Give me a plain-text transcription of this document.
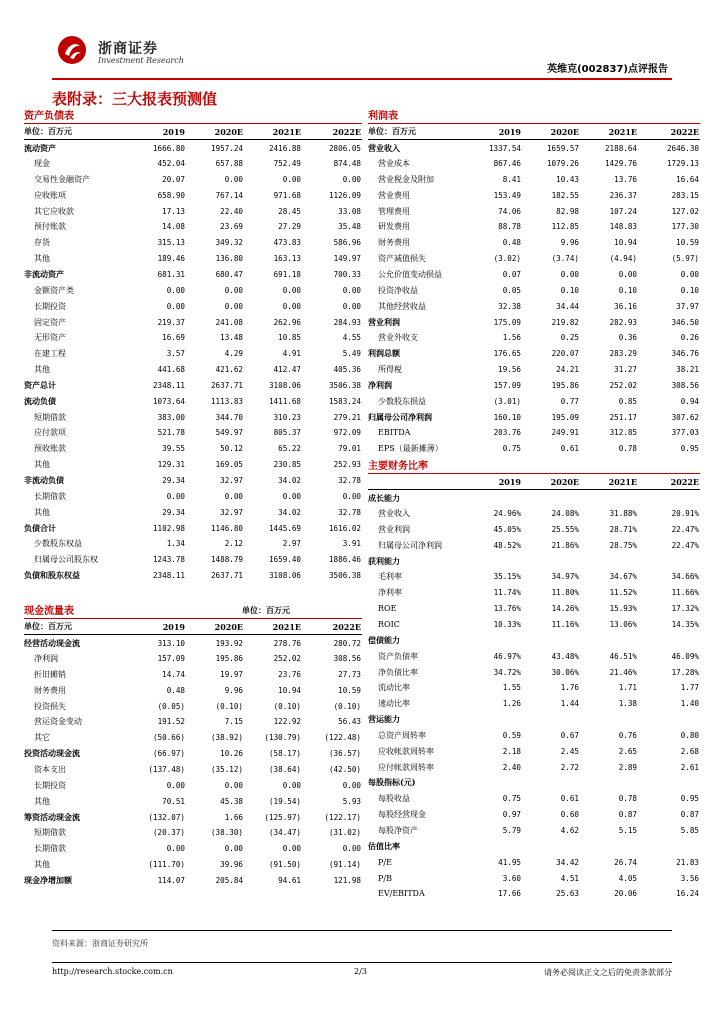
浙商证券
Investment Research
英维克(002837)点评报告
表附录：三大报表预测值
资产负债表
单位：百万元	2019	2020E	2021E	2022E
流动资产	1666.80	1957.24	2416.88	2806.05
现金	452.04	657.88	752.49	874.48
交易性金融资产	20.07	0.00	0.00	0.00
应收账项	658.90	767.14	971.68	1126.09
其它应收款	17.13	22.40	28.45	33.08
预付账款	14.08	23.69	27.29	35.48
存货	315.13	349.32	473.83	586.96
其他	189.46	136.80	163.13	149.97
非流动资产	681.31	680.47	691.18	700.33
金额资产类	0.00	0.00	0.00	0.00
长期投资	0.00	0.00	0.00	0.00
固定资产	219.37	241.08	262.96	284.93
无形资产	16.69	13.48	10.85	4.55
在建工程	3.57	4.29	4.91	5.49
其他	441.68	421.62	412.47	405.36
资产总计	2348.11	2637.71	3108.06	3506.38
流动负债	1073.64	1113.83	1411.68	1583.24
短期借款	383.00	344.70	310.23	279.21
应付款项	521.78	549.97	805.37	972.09
预收账款	39.55	50.12	65.22	79.01
其他	129.31	169.05	230.85	252.93
非流动负债	29.34	32.97	34.02	32.78
长期借款	0.00	0.00	0.00	0.00
其他	29.34	32.97	34.02	32.78
负债合计	1102.98	1146.80	1445.69	1616.02
少数股东权益	1.34	2.12	2.97	3.91
归属母公司股东权	1243.78	1488.79	1659.40	1886.46
负债和股东权益	2348.11	2637.71	3108.06	3506.38
现金流量表	单位：百万元
单位：百万元	2019	2020E	2021E	2022E
经营活动现金流	313.10	193.92	278.76	280.72
净利润	157.09	195.86	252.02	308.56
折旧摊销	14.74	19.97	23.76	27.73
财务费用	0.48	9.96	10.94	10.59
投资损失	(0.05)	(0.10)	(0.10)	(0.10)
营运资金变动	191.52	7.15	122.92	56.43
其它	(50.66)	(38.92)	(130.79)	(122.48)
投资活动现金流	(66.97)	10.26	(58.17)	(36.57)
资本支出	(137.48)	(35.12)	(38.64)	(42.50)
长期投资	0.00	0.00	0.00	0.00
其他	70.51	45.38	(19.54)	5.93
筹资活动现金流	(132.07)	1.66	(125.97)	(122.17)
短期借款	(20.37)	(38.30)	(34.47)	(31.02)
长期借款	0.00	0.00	0.00	0.00
其他	(111.70)	39.96	(91.50)	(91.14)
现金净增加额	114.07	205.84	94.61	121.98
利润表
单位：百万元	2019	2020E	2021E	2022E
营业收入	1337.54	1659.57	2188.64	2646.30
营业成本	867.46	1079.26	1429.76	1729.13
营业税金及附加	8.41	10.43	13.76	16.64
营业费用	153.49	182.55	236.37	283.15
管理费用	74.06	82.98	107.24	127.02
研发费用	88.78	112.85	148.83	177.30
财务费用	0.48	9.96	10.94	10.59
资产减值损失	(3.02)	(3.74)	(4.94)	(5.97)
公允价值变动损益	0.07	0.00	0.00	0.00
投资净收益	0.05	0.10	0.10	0.10
其他经营收益	32.38	34.44	36.16	37.97
营业利润	175.09	219.82	282.93	346.50
营业外收支	1.56	0.25	0.36	0.26
利润总额	176.65	220.07	283.29	346.76
所得税	19.56	24.21	31.27	38.21
净利润	157.09	195.86	252.02	308.56
少数股东损益	(3.01)	0.77	0.85	0.94
归属母公司净利润	160.10	195.09	251.17	307.62
EBITDA	203.76	249.91	312.85	377.03
EPS（最新摊薄）	0.75	0.61	0.78	0.95
主要财务比率
	2019	2020E	2021E	2022E
成长能力				
营业收入	24.96%	24.08%	31.88%	20.91%
营业利润	45.05%	25.55%	28.71%	22.47%
归属母公司净利润	48.52%	21.86%	28.75%	22.47%
获利能力				
毛利率	35.15%	34.97%	34.67%	34.66%
净利率	11.74%	11.80%	11.52%	11.66%
ROE	13.76%	14.26%	15.93%	17.32%
ROIC	10.33%	11.16%	13.06%	14.35%
偿债能力				
资产负债率	46.97%	43.48%	46.51%	46.09%
净负债比率	34.72%	30.06%	21.46%	17.28%
流动比率	1.55	1.76	1.71	1.77
速动比率	1.26	1.44	1.38	1.40
营运能力				
总资产周转率	0.59	0.67	0.76	0.80
应收帐款周转率	2.18	2.45	2.65	2.68
应付帐款周转率	2.40	2.72	2.89	2.61
每股指标(元)				
每股收益	0.75	0.61	0.78	0.95
每股经营现金	0.97	0.60	0.87	0.87
每股净资产	5.79	4.62	5.15	5.85
估值比率				
P/E	41.95	34.42	26.74	21.83
P/B	3.60	4.51	4.05	3.56
EV/EBITDA	17.66	25.63	20.06	16.24
资料来源：浙商证券研究所
http://research.stocke.com.cn	2/3	请务必阅读正文之后的免责条款部分
